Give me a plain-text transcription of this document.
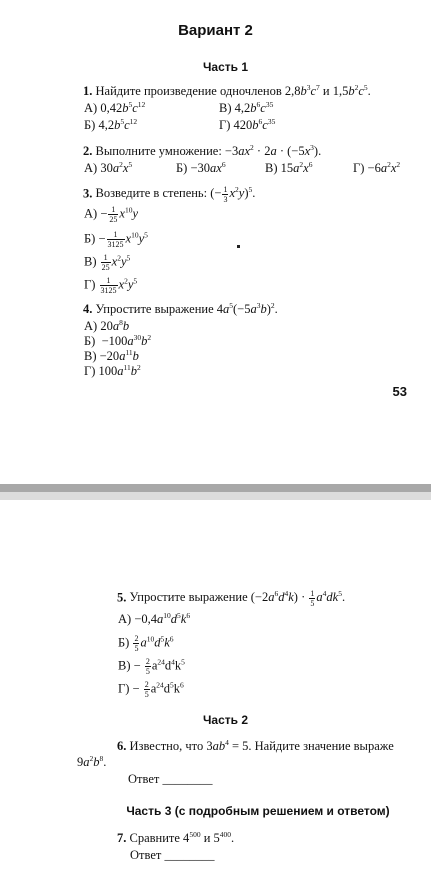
Вариант 2
Часть 1
1. Найдите произведение одночленов $2,8b^3c^7$ и $1,5b^2c^5$.
А) $0,42b^5c^{12}$	В) $4,2b^6c^{35}$
Б) $4,2b^5c^{12}$	Г) $420b^6c^{35}$
2. Выполните умножение: $-3ax^2 \cdot 2a \cdot (-5x^3)$.
А) $30a^2x^5$	$Б) -30ax^6$	В) $15a^2x^6$	$Г) -6a^2x^2$
3. Возведите в степень: (− $\frac{1}{3} x^2y)^5$.
$А) - \frac{1}{25} x^{10}y$
$Б) - \frac{1}{3125} x^{10}y^5$
$В) \frac{1}{25} x^2y^5$
$Г) \frac{1}{3125} x^2y^5$
4. Упростите выражение $4a^5(-5a^3b)^2$.
А) $20a^8b$
$Б) -100a^{30}b^2$
$В) -20a^{11}b$
Г) $100a^{11}b^2$
53
5. Упростите выражение $(-2a^6d^4k) \cdot \frac{1}{5} a^4dk^5$.
$А) -0,4a^{10}d^5k^6$
$Б) \frac{2}{5} a^{10}d^5k^6$
$В) - \frac{2}{5} a^{24}d^4k^5$
$Г) - \frac{2}{5} a^{24}d^5k^6$
Часть 2
6. Известно, что $3ab^4 = 5$. Найдите значение выраже
$9a^2b^8$.
Ответ ________
Часть 3 (с подробным решением и ответом)
7. Сравните $4^{500}$ и $5^{400}$.
Ответ ________
